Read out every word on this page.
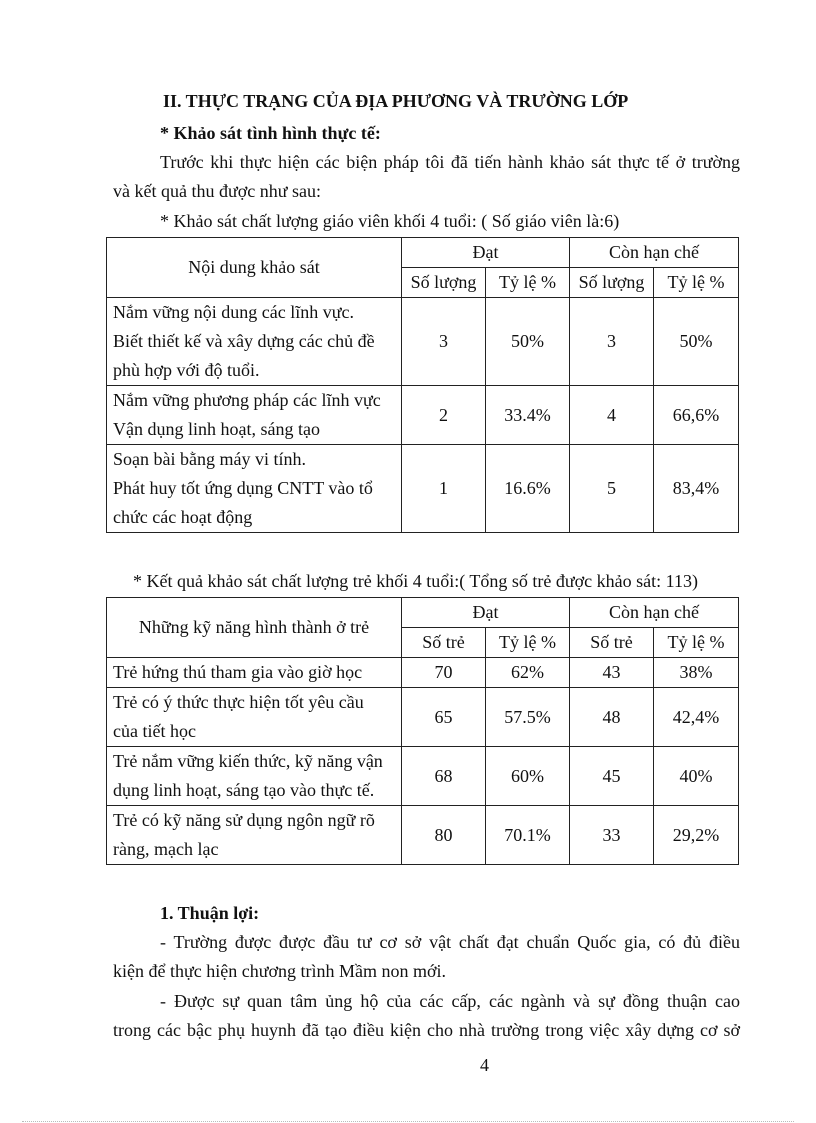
II. THỰC TRẠNG CỦA ĐỊA PHƯƠNG VÀ TRƯỜNG LỚP
* Khảo sát tình hình thực tế:
Trước khi thực hiện các biện pháp tôi đã tiến hành khảo sát thực tế ở trường
và kết quả thu được như sau:
* Khảo sát chất lượng giáo viên khối 4 tuổi: ( Số giáo viên là:6)
Nội dung khảo sát	Đạt		Còn hạn chế	
	Số lượng	Tỷ lệ %	Số lượng	Tỷ lệ %

Nắm vững nội dung các lĩnh vực.
Biết thiết kế và xây dựng các chủ đề
phù hợp với độ tuổi.	3	50%	3	50%

Nắm vững phương pháp các lĩnh vực
Vận dụng linh hoạt, sáng tạo	2	33.4%	4	66,6%

Soạn bài bằng máy vi tính.
Phát huy tốt ứng dụng CNTT vào tổ
chức các hoạt động	1	16.6%	5	83,4%
* Kết quả khảo sát chất lượng trẻ khối 4 tuổi:( Tổng số trẻ được khảo sát: 113)
Những kỹ năng hình thành ở trẻ	Đạt		Còn hạn chế	
	Số trẻ	Tỷ lệ %	Số trẻ	Tỷ lệ %

Trẻ hứng thú tham gia vào giờ học	70	62%	43	38%

Trẻ có ý thức thực hiện tốt yêu cầu
của tiết học	65	57.5%	48	42,4%

Trẻ nắm vững kiến thức, kỹ năng vận
dụng linh hoạt, sáng tạo vào thực tế.	68	60%	45	40%

Trẻ có kỹ năng sử dụng ngôn ngữ rõ
ràng, mạch lạc	80	70.1%	33	29,2%
1. Thuận lợi:
- Trường được được đầu tư cơ sở vật chất đạt chuẩn Quốc gia, có đủ điều
kiện để thực hiện chương trình Mầm non mới.
- Được sự quan tâm ủng hộ của các cấp, các ngành và sự đồng thuận cao
trong các bậc phụ huynh đã tạo điều kiện cho nhà trường trong việc xây dựng cơ sở
4
